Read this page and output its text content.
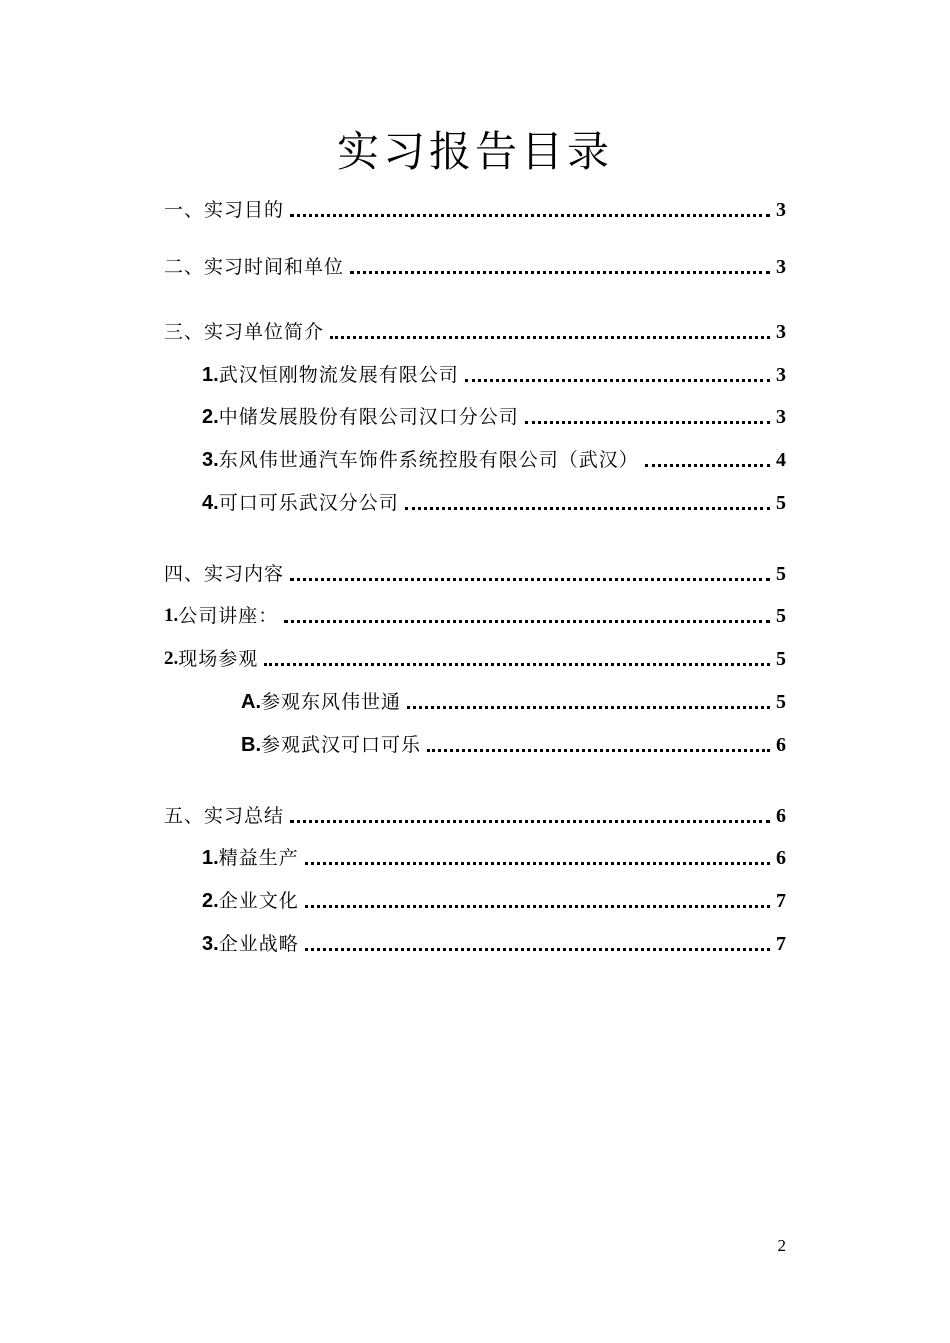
实习报告目录
一、实习目的	3
二、实习时间和单位	3
三、实习单位简介	3
1. 武汉恒刚物流发展有限公司	3
2. 中储发展股份有限公司汉口分公司	3
3. 东风伟世通汽车饰件系统控股有限公司（武汉）	4
4. 可口可乐武汉分公司	5
四、实习内容	5
1. 公司讲座：	5
2. 现场参观	5
A. 参观东风伟世通	5
B. 参观武汉可口可乐	6
五、实习总结	6
1. 精益生产	6
2. 企业文化	7
3. 企业战略	7
2
